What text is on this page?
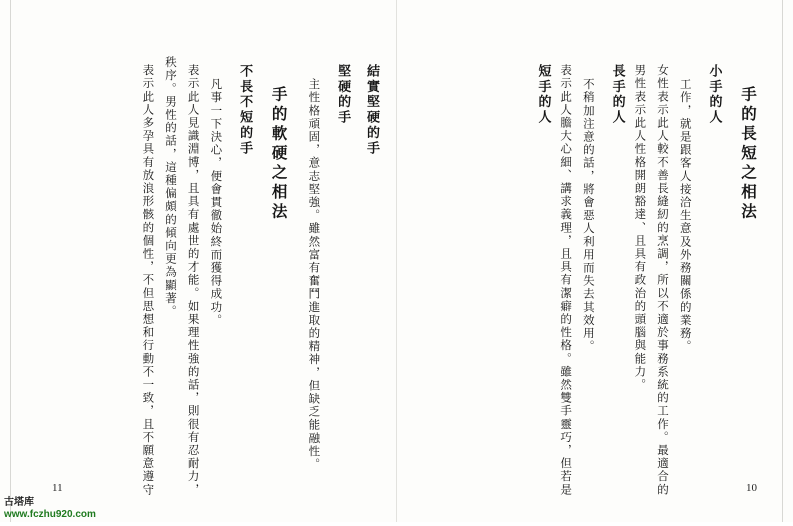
手的長短之相法
小手的人
工作，就是跟客人接洽生意及外務關係的業務。
女性表示此人較不善長縫紉的烹調，所以不適於事務系統的工作。最適合的
男性表示此人性格開朗豁達、且具有政治的頭腦與能力。
長手的人
不稍加注意的話，將會惡人利用而失去其效用。
表示此人膽大心細、講求義理，且具有潔癖的性格。雖然雙手靈巧，但若是
短手的人
結實堅硬的手
堅硬的手
主性格頑固，意志堅強。雖然富有奮鬥進取的精神，但缺乏能融性。
手的軟硬之相法
不長不短的手
凡事一下決心，便會貫徹始終而獲得成功。
表示此人見識淵博，且具有處世的才能。如果理性強的話，則很有忍耐力，
秩序。男性的話，這種偏頗的傾向更為顯著。
表示此人多孕具有放浪形骸的個性，不但思想和行動不一致，且不願意遵守	10
11
古塔库
www.fczhu920.com
